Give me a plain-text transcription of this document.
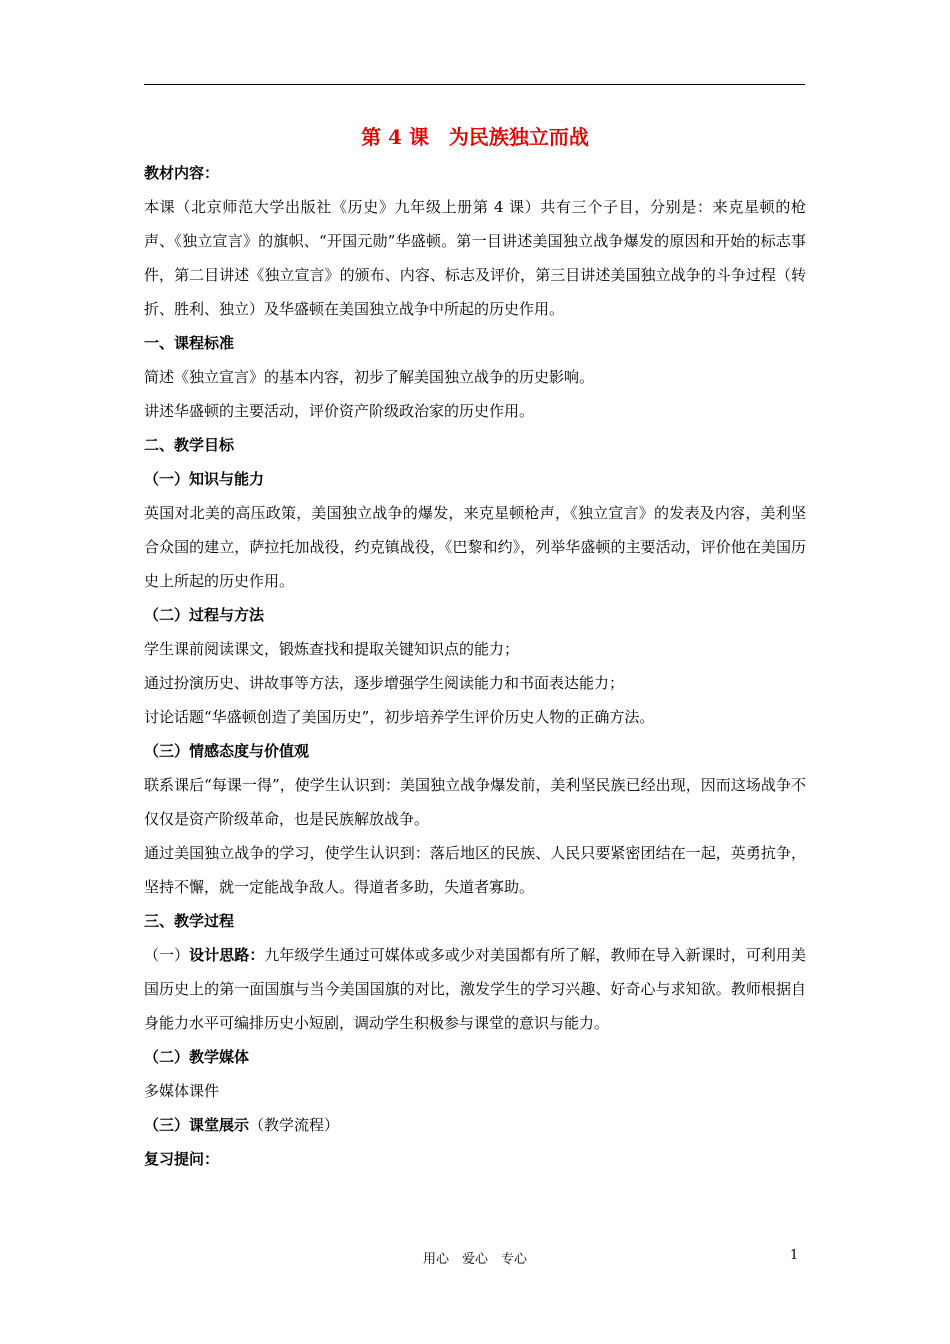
第 4 课　为民族独立而战
教材内容：
本课（北京师范大学出版社《历史》九年级上册第 4 课）共有三个子目，分别是：来克星顿的枪声、《独立宣言》的旗帜、“开国元勋”华盛顿。第一目讲述美国独立战争爆发的原因和开始的标志事件，第二目讲述《独立宣言》的颁布、内容、标志及评价，第三目讲述美国独立战争的斗争过程（转折、胜利、独立）及华盛顿在美国独立战争中所起的历史作用。
一、课程标准
简述《独立宣言》的基本内容，初步了解美国独立战争的历史影响。
讲述华盛顿的主要活动，评价资产阶级政治家的历史作用。
二、教学目标
（一）知识与能力
英国对北美的高压政策，美国独立战争的爆发，来克星顿枪声，《独立宣言》的发表及内容，美利坚合众国的建立，萨拉托加战役，约克镇战役，《巴黎和约》，列举华盛顿的主要活动，评价他在美国历史上所起的历史作用。
（二）过程与方法
学生课前阅读课文，锻炼查找和提取关键知识点的能力；
通过扮演历史、讲故事等方法，逐步增强学生阅读能力和书面表达能力；
讨论话题“华盛顿创造了美国历史”，初步培养学生评价历史人物的正确方法。
（三）情感态度与价值观
联系课后“每课一得”，使学生认识到：美国独立战争爆发前，美利坚民族已经出现，因而这场战争不仅仅是资产阶级革命，也是民族解放战争。
通过美国独立战争的学习，使学生认识到：落后地区的民族、人民只要紧密团结在一起，英勇抗争，坚持不懈，就一定能战争敌人。得道者多助，失道者寡助。
三、教学过程
（一）设计思路：九年级学生通过可媒体或多或少对美国都有所了解，教师在导入新课时，可利用美国历史上的第一面国旗与当今美国国旗的对比，激发学生的学习兴趣、好奇心与求知欲。教师根据自身能力水平可编排历史小短剧，调动学生积极参与课堂的意识与能力。
（二）教学媒体
多媒体课件
（三）课堂展示（教学流程）
复习提问：
用心　爱心　专心	1
